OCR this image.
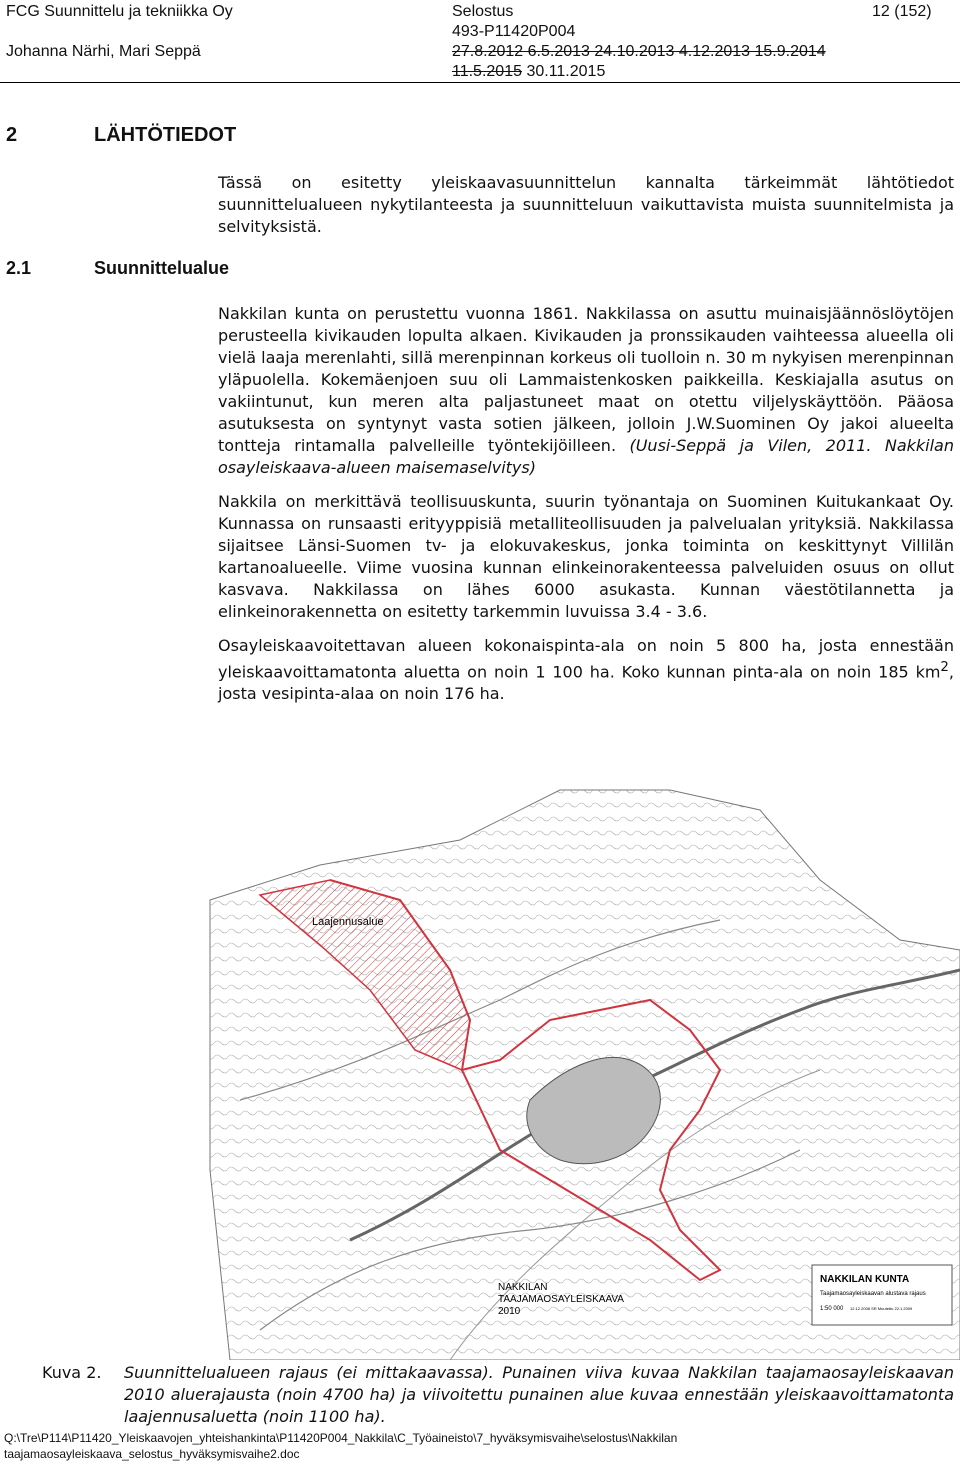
FCG Suunnittelu ja tekniikka Oy
Johanna Närhi, Mari Seppä
Selostus
493-P11420P004
27.8.2012 6.5.2013 24.10.2013 4.12.2013 15.9.2014
11.5.2015 30.11.2015
12 (152)
2	LÄHTÖTIEDOT

Tässä on esitetty yleiskaavasuunnittelun kannalta tärkeimmät lähtötiedot suunnittelualueen nykytilanteesta ja suunnitteluun vaikuttavista muista suunnitelmista ja selvityksistä.

2.1	Suunnittelualue

Nakkilan kunta on perustettu vuonna 1861. Nakkilassa on asuttu muinaisjäännöslöytöjen perusteella kivikauden lopulta alkaen. Kivikauden ja pronssikauden vaihteessa alueella oli vielä laaja merenlahti, sillä merenpinnan korkeus oli tuolloin n. 30 m nykyisen merenpinnan yläpuolella. Kokemäenjoen suu oli Lammaistenkosken paikkeilla. Keskiajalla asutus on vakiintunut, kun meren alta paljastuneet maat on otettu viljelyskäyttöön. Pääosa asutuksesta on syntynyt vasta sotien jälkeen, jolloin J.W.Suominen Oy jakoi alueelta tontteja rintamalla palvelleille työntekijöilleen. (Uusi-Seppä ja Vilen, 2011. Nakkilan osayleiskaava-alueen maisemaselvitys)

Nakkila on merkittävä teollisuuskunta, suurin työnantaja on Suominen Kuitukankaat Oy. Kunnassa on runsaasti erityyppisiä metalliteollisuuden ja palvelualan yrityksiä. Nakkilassa sijaitsee Länsi-Suomen tv- ja elokuvakeskus, jonka toiminta on keskittynyt Villilän kartanoalueelle. Viime vuosina kunnan elinkeinorakenteessa palveluiden osuus on ollut kasvava. Nakkilassa on lähes 6000 asukasta. Kunnan väestötilannetta ja elinkeinorakennetta on esitetty tarkemmin luvuissa 3.4 - 3.6.

Osayleiskaavoitettavan alueen kokonaispinta-ala on noin 5 800 ha, josta ennestään yleiskaavoittamatonta aluetta on noin 1 100 ha. Koko kunnan pinta-ala on noin 185 $km^2$, josta vesipinta-alaa on noin 176 ha.

Laajennusalue
NAKKILAN
TAAJAMAOSAYLEISKAAVA
2010
NAKKILAN KUNTA
Taajamaosayleiskaavan alustava rajaus
1:50 000 12.12.2008 SR Muutettu 22.1.2009
Kuva 2. Suunnittelualueen rajaus (ei mittakaavassa). Punainen viiva kuvaa Nakkilan taajamaosayleiskaavan 2010 aluerajausta (noin 4700 ha) ja viivoitettu punainen alue kuvaa ennestään yleiskaavoittamatonta laajennusaluetta (noin 1100 ha).
Q:\Tre\P114\P11420_Yleiskaavojen_yhteishankinta\P11420P004_Nakkila\C_Työaineisto\7_hyväksymisvaihe\selostus\Nakkilan taajamaosayleiskaava_selostus_hyväksymisvaihe2.doc
